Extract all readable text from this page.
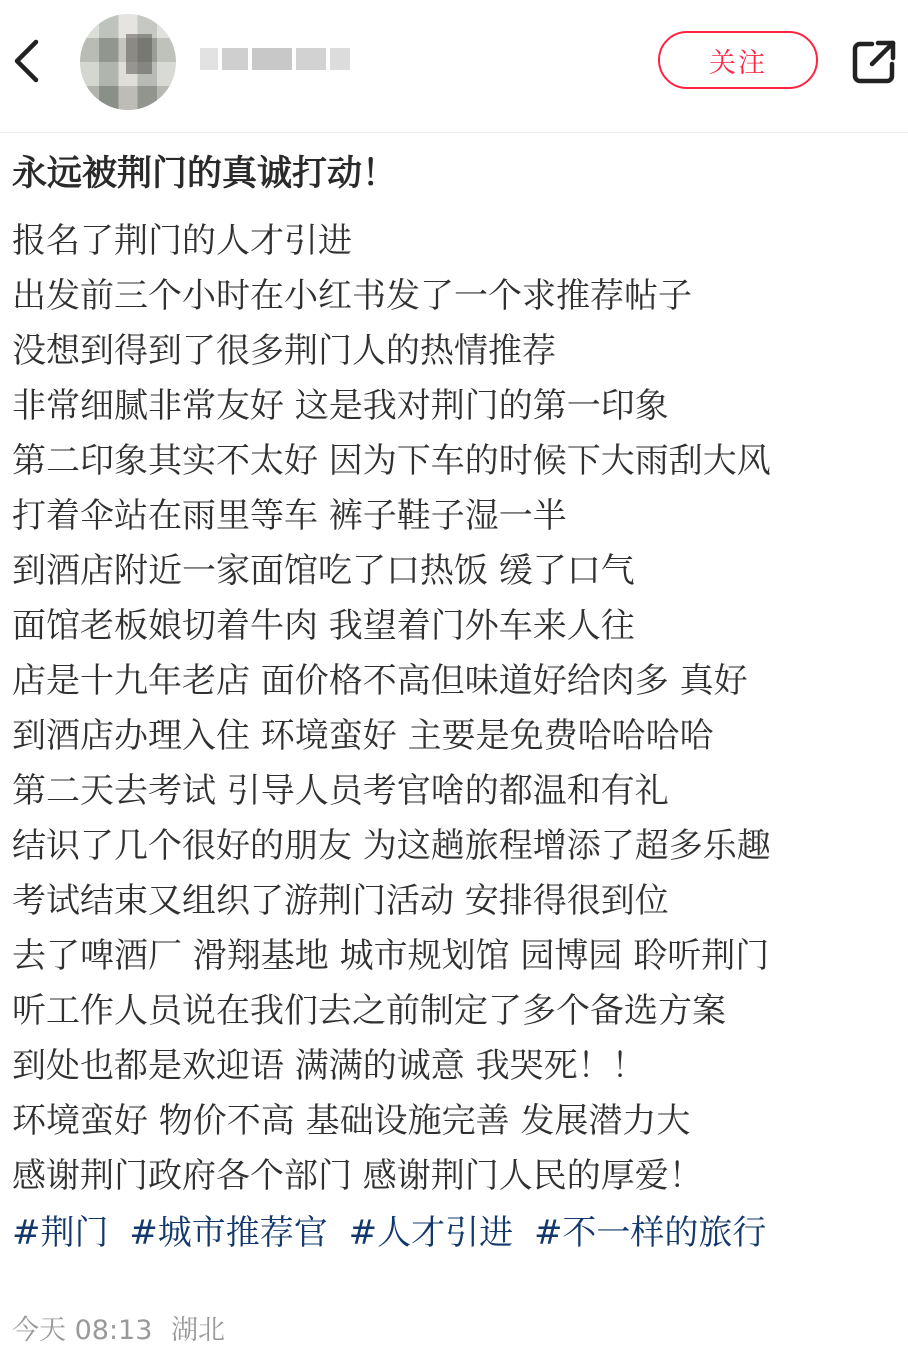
关注
永远被荆门的真诚打动！
报名了荆门的人才引进
出发前三个小时在小红书发了一个求推荐帖子
没想到得到了很多荆门人的热情推荐
非常细腻非常友好 这是我对荆门的第一印象
第二印象其实不太好 因为下车的时候下大雨刮大风
打着伞站在雨里等车 裤子鞋子湿一半
到酒店附近一家面馆吃了口热饭 缓了口气
面馆老板娘切着牛肉 我望着门外车来人往
店是十九年老店 面价格不高但味道好给肉多 真好
到酒店办理入住 环境蛮好 主要是免费哈哈哈哈
第二天去考试 引导人员考官啥的都温和有礼
结识了几个很好的朋友 为这趟旅程增添了超多乐趣
考试结束又组织了游荆门活动 安排得很到位
去了啤酒厂 滑翔基地 城市规划馆 园博园 聆听荆门
听工作人员说在我们去之前制定了多个备选方案
到处也都是欢迎语 满满的诚意 我哭死！！
环境蛮好 物价不高 基础设施完善 发展潜力大
感谢荆门政府各个部门 感谢荆门人民的厚爱！
#荆门 #城市推荐官 #人才引进 #不一样的旅行
今天 08:13 湖北
